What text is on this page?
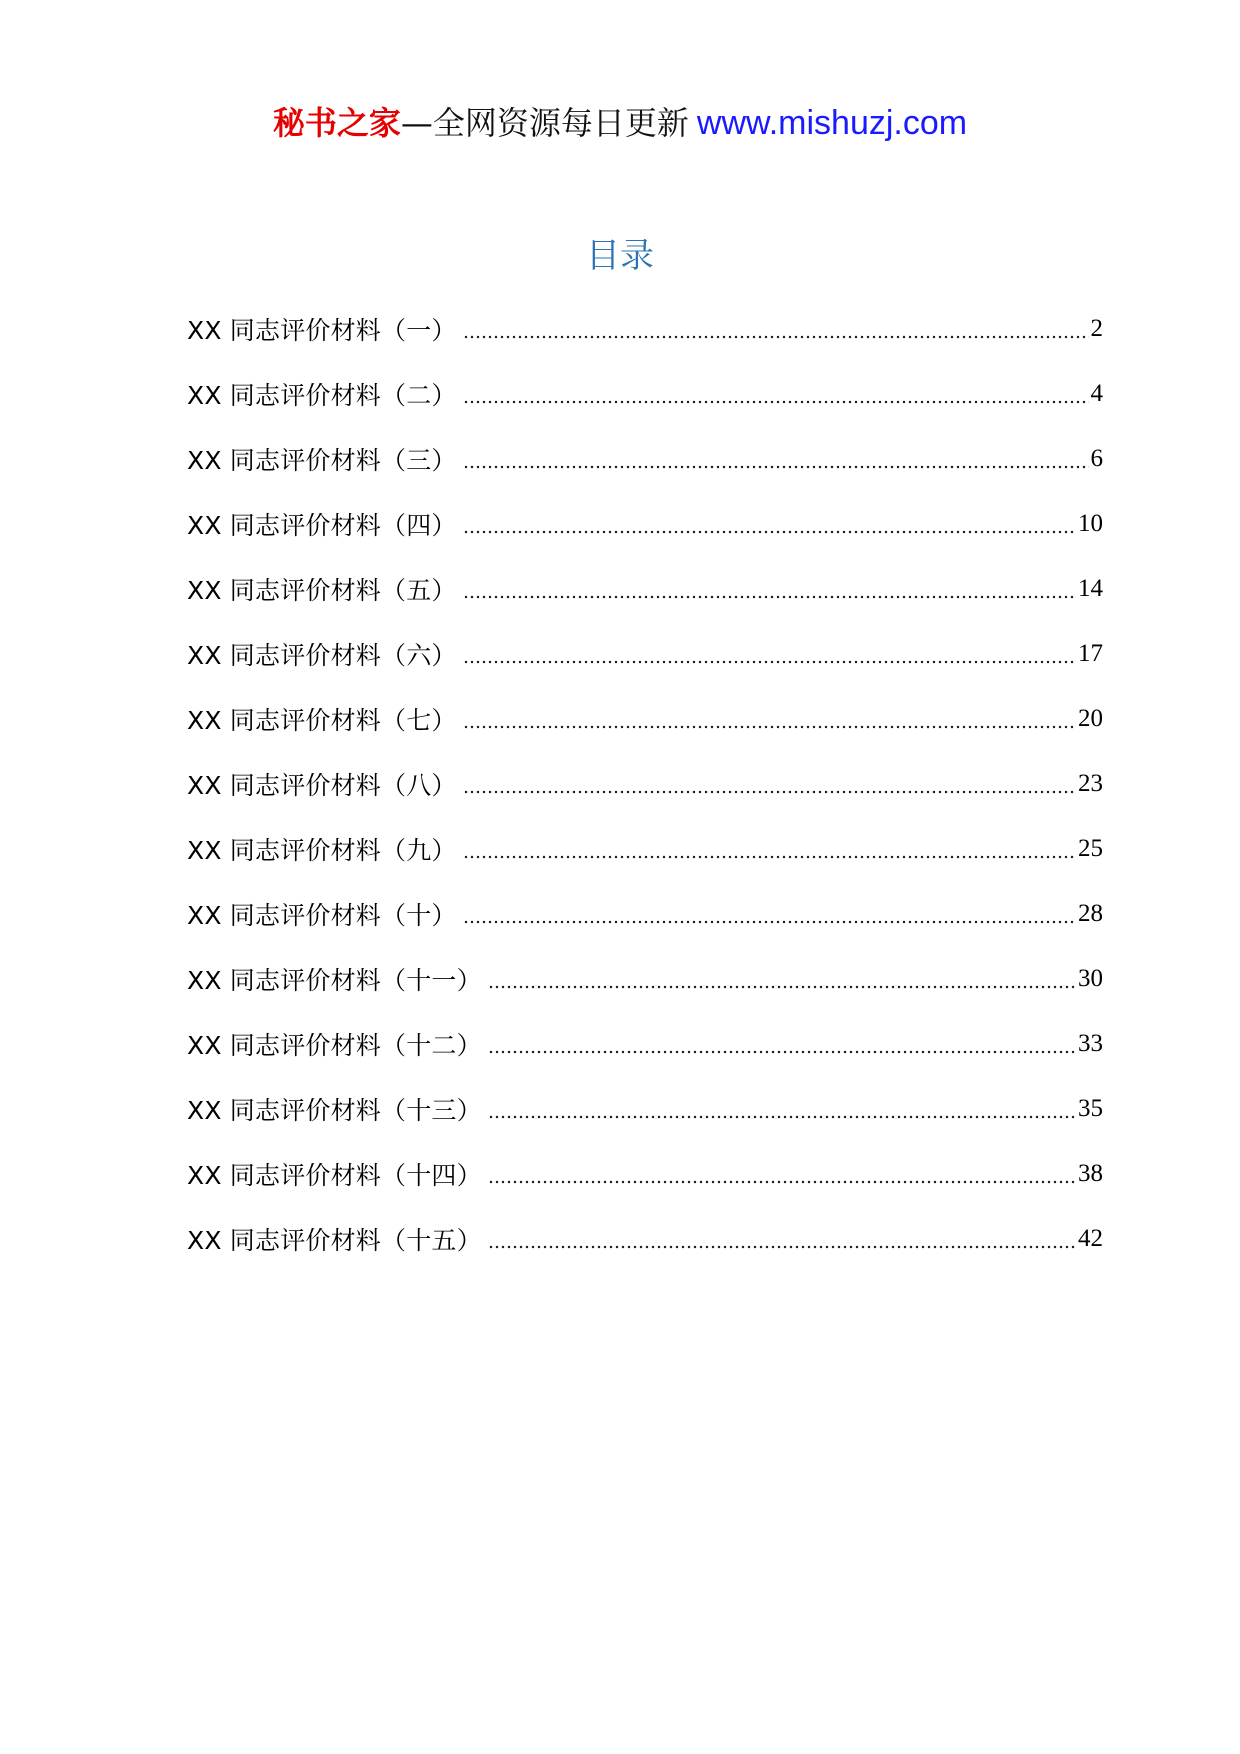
秘书之家—全网资源每日更新 www.mishuzj.com
目录
XX 同志评价材料（一）	2
XX 同志评价材料（二）	4
XX 同志评价材料（三）	6
XX 同志评价材料（四）	10
XX 同志评价材料（五）	14
XX 同志评价材料（六）	17
XX 同志评价材料（七）	20
XX 同志评价材料（八）	23
XX 同志评价材料（九）	25
XX 同志评价材料（十）	28
XX 同志评价材料（十一）	30
XX 同志评价材料（十二）	33
XX 同志评价材料（十三）	35
XX 同志评价材料（十四）	38
XX 同志评价材料（十五）	42
